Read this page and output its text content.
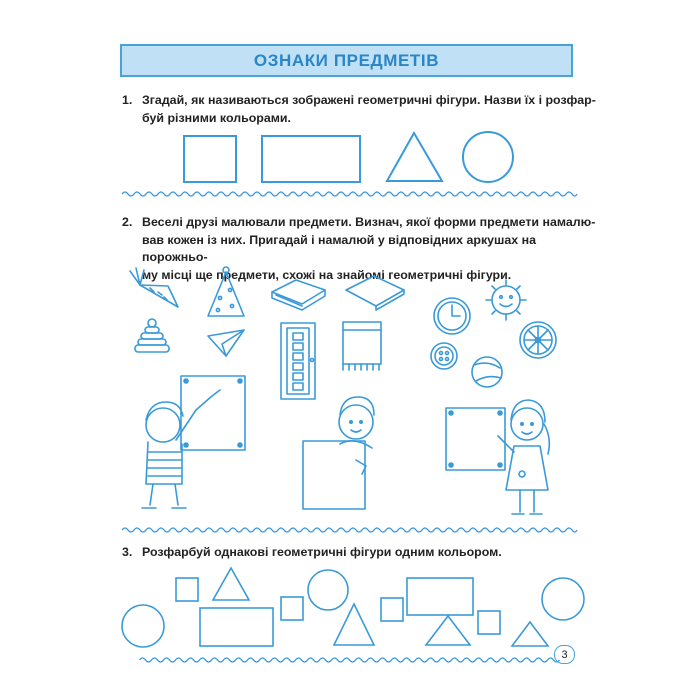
ОЗНАКИ ПРЕДМЕТІВ
1. Згадай, як називаються зображені геометричні фігури. Назви їх і розфар-
буй різними кольорами.
2. Веселі друзі малювали предмети. Визнач, якої форми предмети намалю-
вав кожен із них. Пригадай і намалюй у відповідних аркушах на порожньо-
му місці ще предмети, схожі на знайомі геометричні фігури.
3. Розфарбуй однакові геометричні фігури одним кольором.
3
